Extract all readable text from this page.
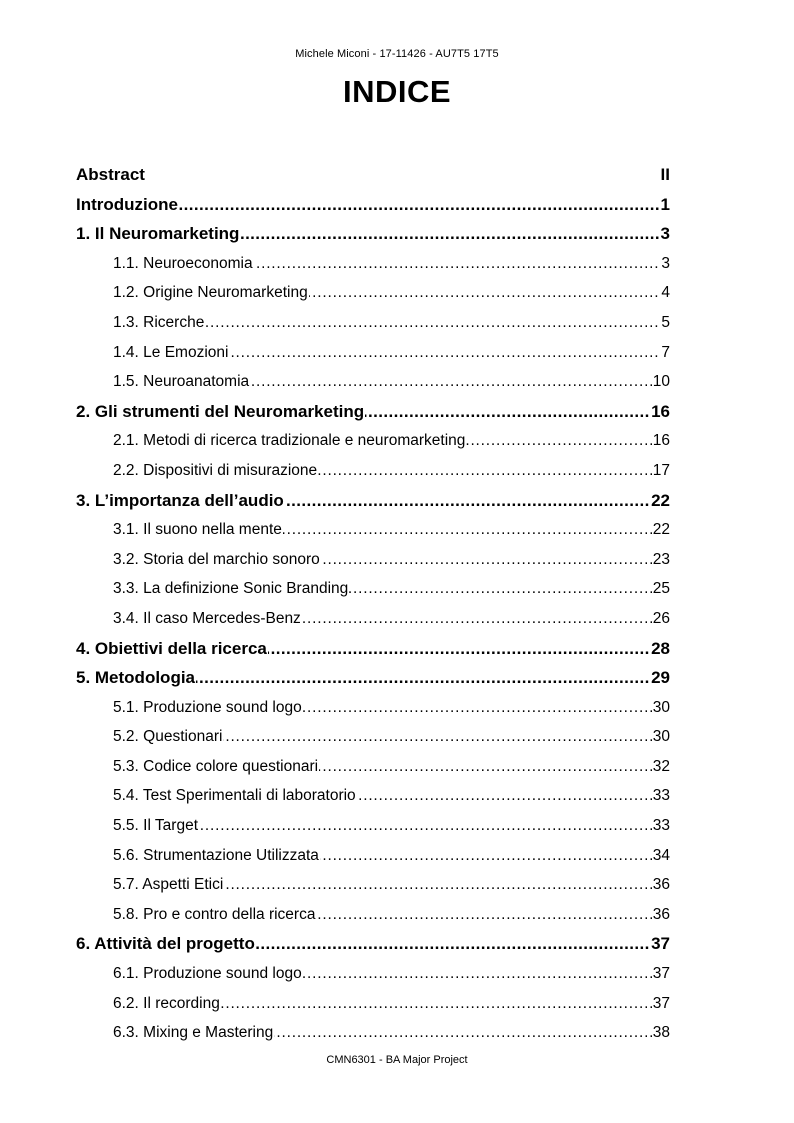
Michele Miconi - 17-11426 - AU7T5 17T5
INDICE
Abstract	II
.....
Introduzione	1
.....
1. Il Neuromarketing	3
.....
1.1. Neuroeconomia	3
.....
1.2. Origine Neuromarketing	4
.....
1.3. Ricerche	5
.....
1.4. Le Emozioni	7
.....
1.5. Neuroanatomia	10
.....
2. Gli strumenti del Neuromarketing	16
.....
2.1. Metodi di ricerca tradizionale e neuromarketing	16
.....
2.2. Dispositivi di misurazione	17
.....
3. L’importanza dell’audio	22
.....
3.1. Il suono nella mente	22
.....
3.2. Storia del marchio sonoro	23
.....
3.3. La definizione Sonic Branding	25
.....
3.4. Il caso Mercedes-Benz	26
.....
4. Obiettivi della ricerca	28
.....
5. Metodologia	29
.....
5.1. Produzione sound logo	30
.....
5.2. Questionari	30
.....
5.3. Codice colore questionari	32
.....
5.4. Test Sperimentali di laboratorio	33
.....
5.5. Il Target	33
.....
5.6. Strumentazione Utilizzata	34
.....
5.7. Aspetti Etici	36
.....
5.8. Pro e contro della ricerca	36
.....
6. Attività del progetto	37
.....
6.1. Produzione sound logo	37
.....
6.2. Il recording	37
.....
6.3. Mixing e Mastering	38
CMN6301 - BA Major Project
